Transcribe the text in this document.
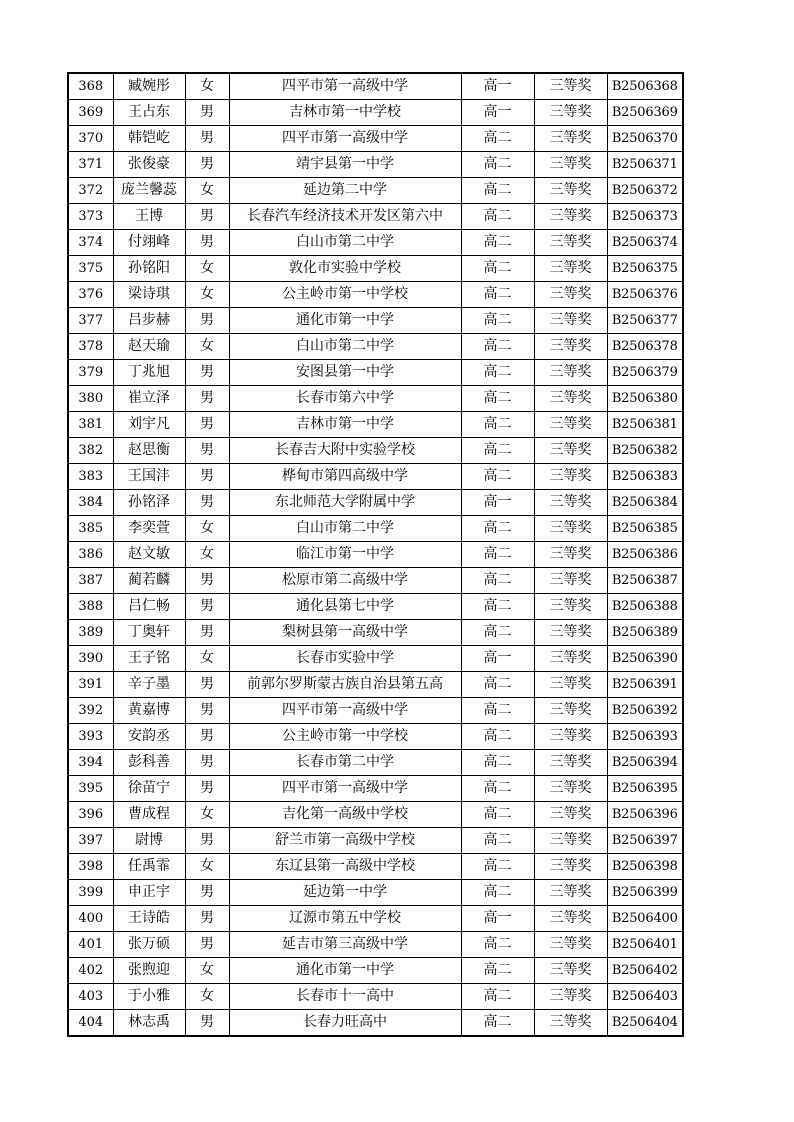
368	臧婉彤	女	四平市第一高级中学	高一	三等奖	B2506368
369	王占东	男	吉林市第一中学校	高一	三等奖	B2506369
370	韩铠屹	男	四平市第一高级中学	高二	三等奖	B2506370
371	张俊豪	男	靖宇县第一中学	高二	三等奖	B2506371
372	庞兰馨蕊	女	延边第二中学	高二	三等奖	B2506372
373	王博	男	长春汽车经济技术开发区第六中	高二	三等奖	B2506373
374	付翊峰	男	白山市第二中学	高二	三等奖	B2506374
375	孙铭阳	女	敦化市实验中学校	高二	三等奖	B2506375
376	梁诗琪	女	公主岭市第一中学校	高二	三等奖	B2506376
377	吕步赫	男	通化市第一中学	高二	三等奖	B2506377
378	赵天瑜	女	白山市第二中学	高二	三等奖	B2506378
379	丁兆旭	男	安图县第一中学	高二	三等奖	B2506379
380	崔立泽	男	长春市第六中学	高二	三等奖	B2506380
381	刘宇凡	男	吉林市第一中学	高二	三等奖	B2506381
382	赵思衡	男	长春吉大附中实验学校	高二	三等奖	B2506382
383	王国沣	男	桦甸市第四高级中学	高二	三等奖	B2506383
384	孙铭泽	男	东北师范大学附属中学	高一	三等奖	B2506384
385	李奕萱	女	白山市第二中学	高二	三等奖	B2506385
386	赵文敏	女	临江市第一中学	高二	三等奖	B2506386
387	蔺若麟	男	松原市第二高级中学	高二	三等奖	B2506387
388	吕仁畅	男	通化县第七中学	高二	三等奖	B2506388
389	丁奥轩	男	梨树县第一高级中学	高二	三等奖	B2506389
390	王子铭	女	长春市实验中学	高一	三等奖	B2506390
391	辛子墨	男	前郭尔罗斯蒙古族自治县第五高	高二	三等奖	B2506391
392	黄嘉博	男	四平市第一高级中学	高二	三等奖	B2506392
393	安韵丞	男	公主岭市第一中学校	高二	三等奖	B2506393
394	彭科善	男	长春市第二中学	高二	三等奖	B2506394
395	徐苗宁	男	四平市第一高级中学	高二	三等奖	B2506395
396	曹成程	女	吉化第一高级中学校	高二	三等奖	B2506396
397	尉博	男	舒兰市第一高级中学校	高二	三等奖	B2506397
398	任禹霏	女	东辽县第一高级中学校	高二	三等奖	B2506398
399	申正宇	男	延边第一中学	高二	三等奖	B2506399
400	王诗皓	男	辽源市第五中学校	高一	三等奖	B2506400
401	张万硕	男	延吉市第三高级中学	高二	三等奖	B2506401
402	张煦迎	女	通化市第一中学	高二	三等奖	B2506402
403	于小雅	女	长春市十一高中	高二	三等奖	B2506403
404	林志禹	男	长春力旺高中	高二	三等奖	B2506404
